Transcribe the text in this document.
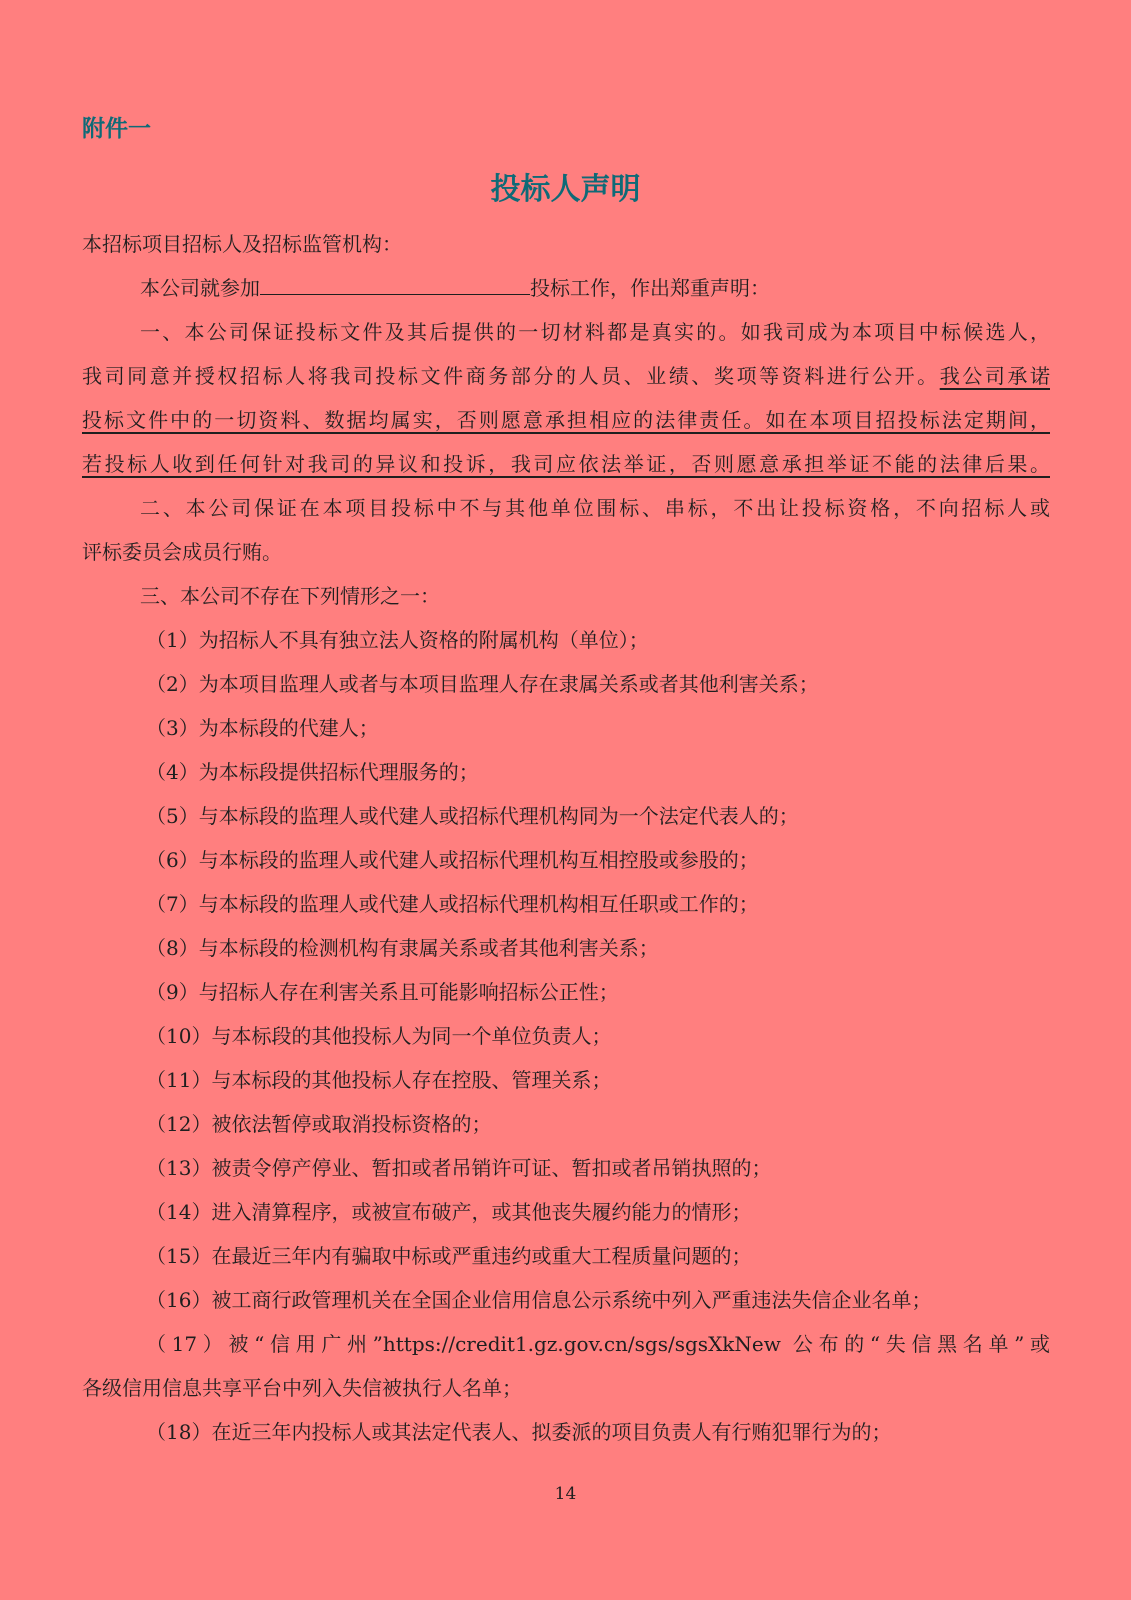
附件一
投标人声明
本招标项目招标人及招标监管机构：
本公司就参加	投标工作，作出郑重声明：
一、本公司保证投标文件及其后提供的一切材料都是真实的。如我司成为本项目中标候选人，
我司同意并授权招标人将我司投标文件商务部分的人员、业绩、奖项等资料进行公开。我公司承诺
投标文件中的一切资料、数据均属实，否则愿意承担相应的法律责任。如在本项目招投标法定期间，
若投标人收到任何针对我司的异议和投诉，我司应依法举证，否则愿意承担举证不能的法律后果。
二、本公司保证在本项目投标中不与其他单位围标、串标，不出让投标资格，不向招标人或
评标委员会成员行贿。
三、本公司不存在下列情形之一：
（1）为招标人不具有独立法人资格的附属机构（单位）；
（2）为本项目监理人或者与本项目监理人存在隶属关系或者其他利害关系；
（3）为本标段的代建人；
（4）为本标段提供招标代理服务的；
（5）与本标段的监理人或代建人或招标代理机构同为一个法定代表人的；
（6）与本标段的监理人或代建人或招标代理机构互相控股或参股的；
（7）与本标段的监理人或代建人或招标代理机构相互任职或工作的；
（8）与本标段的检测机构有隶属关系或者其他利害关系；
（9）与招标人存在利害关系且可能影响招标公正性；
（10）与本标段的其他投标人为同一个单位负责人；
（11）与本标段的其他投标人存在控股、管理关系；
（12）被依法暂停或取消投标资格的；
（13）被责令停产停业、暂扣或者吊销许可证、暂扣或者吊销执照的；
（14）进入清算程序，或被宣布破产，或其他丧失履约能力的情形；
（15）在最近三年内有骗取中标或严重违约或重大工程质量问题的；
（16）被工商行政管理机关在全国企业信用信息公示系统中列入严重违法失信企业名单；
（17）被“信用广州”https://credit1.gz.gov.cn/sgs/sgsXkNew 公布的“失信黑名单”或
各级信用信息共享平台中列入失信被执行人名单；
（18）在近三年内投标人或其法定代表人、拟委派的项目负责人有行贿犯罪行为的；
14
